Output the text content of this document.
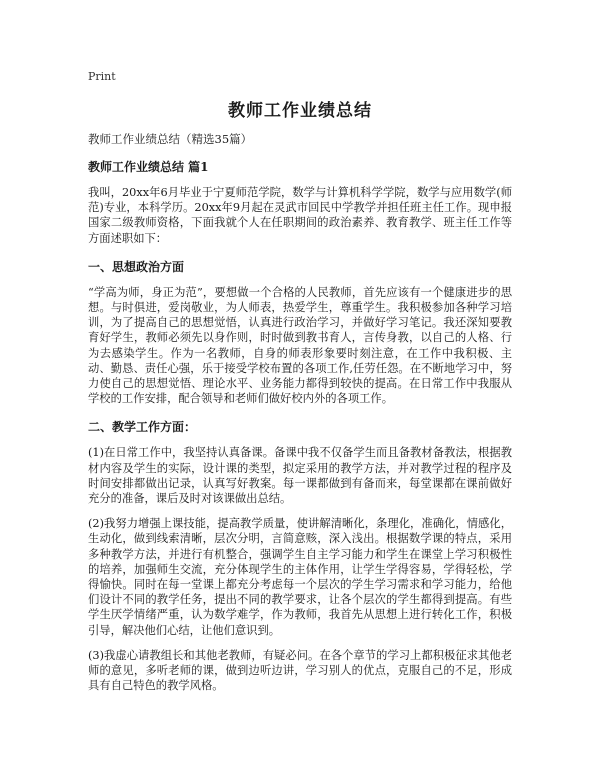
Print
教师工作业绩总结
教师工作业绩总结（精选35篇）
教师工作业绩总结 篇1

我叫，20xx年6月毕业于宁夏师范学院，数学与计算机科学学院，数学与应用数学(师范)专业，本科学历。20xx年9月起在灵武市回民中学教学并担任班主任工作。现申报国家二级教师资格，下面我就个人在任职期间的政治素养、教育教学、班主任工作等方面述职如下：

一、思想政治方面

“学高为师，身正为范”，要想做一个合格的人民教师，首先应该有一个健康进步的思想。与时俱进，爱岗敬业，为人师表，热爱学生，尊重学生。我积极参加各种学习培训，为了提高自己的思想觉悟，认真进行政治学习，并做好学习笔记。我还深知要教育好学生，教师必须先以身作则，时时做到教书育人，言传身教，以自己的人格、行为去感染学生。作为一名教师，自身的师表形象要时刻注意，在工作中我积极、主动、勤恳、责任心强，乐于接受学校布置的各项工作,任劳任怨。在不断地学习中，努力使自己的思想觉悟、理论水平、业务能力都得到较快的提高。在日常工作中我服从学校的工作安排，配合领导和老师们做好校内外的各项工作。

二、教学工作方面：

(1)在日常工作中，我坚持认真备课。备课中我不仅备学生而且备教材备教法，根据教材内容及学生的实际，设计课的类型，拟定采用的教学方法，并对教学过程的程序及时间安排都做出记录，认真写好教案。每一课都做到有备而来，每堂课都在课前做好充分的准备，课后及时对该课做出总结。

(2)我努力增强上课技能，提高教学质量，使讲解清晰化，条理化，准确化，情感化，生动化，做到线索清晰，层次分明，言简意赅，深入浅出。根据数学课的特点，采用多种教学方法，并进行有机整合，强调学生自主学习能力和学生在课堂上学习积极性的培养，加强师生交流，充分体现学生的主体作用，让学生学得容易，学得轻松，学得愉快。同时在每一堂课上都充分考虑每一个层次的学生学习需求和学习能力，给他们设计不同的教学任务，提出不同的教学要求，让各个层次的学生都得到提高。有些学生厌学情绪严重，认为数学难学，作为教师，我首先从思想上进行转化工作，积极引导，解决他们心结，让他们意识到。

(3)我虚心请教组长和其他老教师，有疑必问。在各个章节的学习上都积极征求其他老师的意见，多听老师的课，做到边听边讲，学习别人的优点，克服自己的不足，形成具有自己特色的教学风格。
